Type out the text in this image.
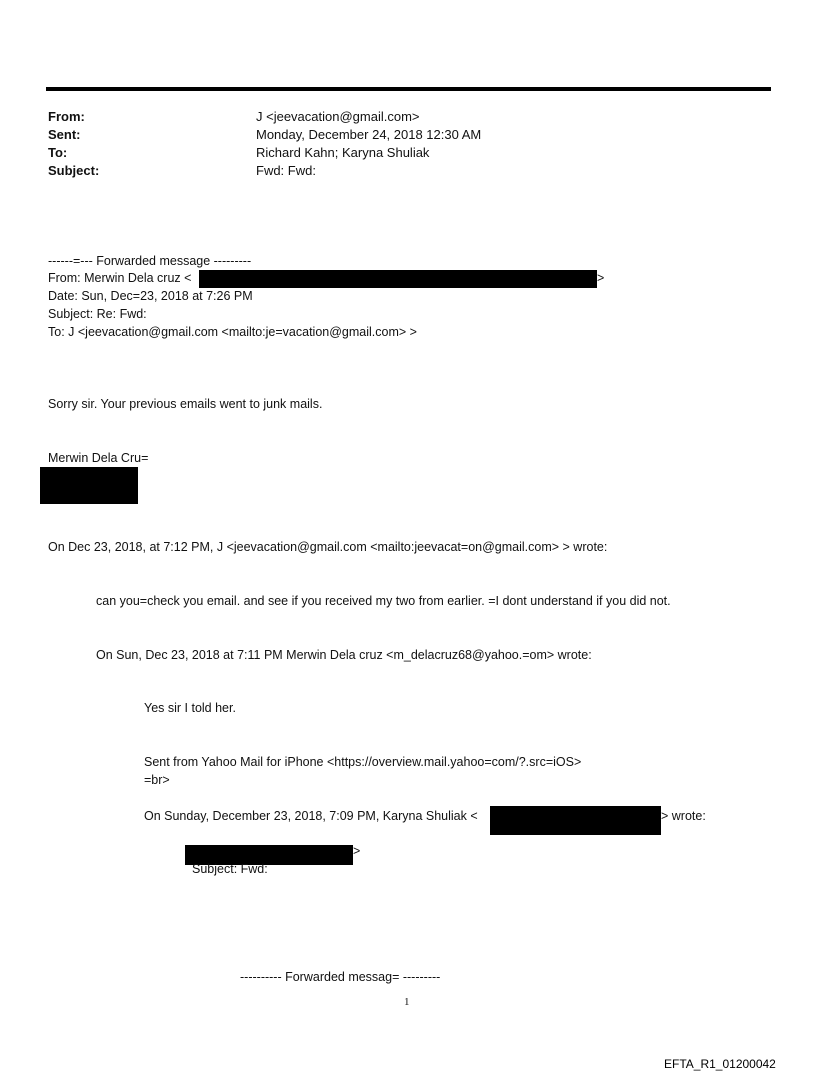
From:	J <jeevacation@gmail.com>
Sent:	Monday, December 24, 2018 12:30 AM
To:	Richard Kahn; Karyna Shuliak
Subject:	Fwd: Fwd:
------=--- Forwarded message ---------
From: Merwin Dela cruz <	>
Date: Sun, Dec=23, 2018 at 7:26 PM
Subject: Re: Fwd:
To: J <jeevacation@gmail.com <mailto:je=vacation@gmail.com> >
Sorry sir. Your previous emails went to junk mails.
Merwin Dela Cru=
On Dec 23, 2018, at 7:12 PM, J <jeevacation@gmail.com <mailto:jeevacat=on@gmail.com> > wrote:
can you=check you email. and see if you received my two from earlier. =I dont understand if you did not.
On Sun, Dec 23, 2018 at 7:11 PM Merwin Dela cruz <m_delacruz68@yahoo.=om> wrote:
Yes sir I told her.
Sent from Yahoo Mail for iPhone <https://overview.mail.yahoo=com/?.src=iOS>
=br>
On Sunday, December 23, 2018, 7:09 PM, Karyna Shuliak <	> wrote:
>
Subject: Fwd:
---------- Forwarded messag= ---------
1
EFTA_R1_01200042
